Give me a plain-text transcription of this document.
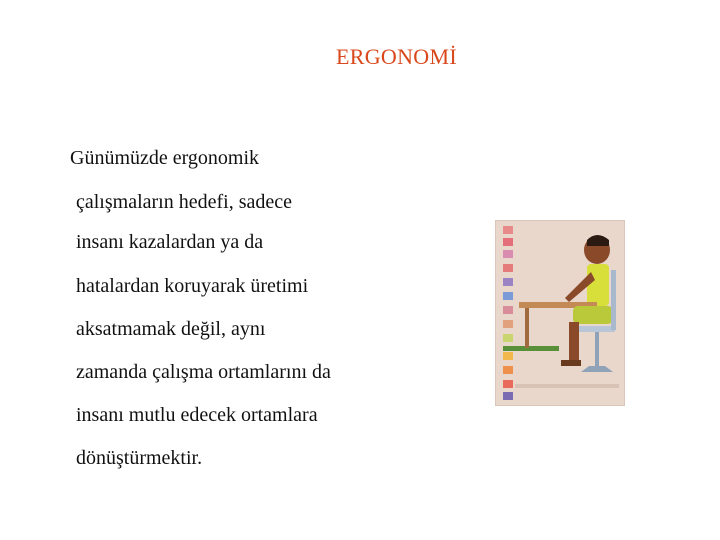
ERGONOMİ
Günümüzde ergonomik
çalışmaların hedefi, sadece
insanı kazalardan ya da
hatalardan koruyarak üretimi
aksatmamak değil, aynı
zamanda çalışma ortamlarını da
insanı mutlu edecek ortamlara
dönüştürmektir.
